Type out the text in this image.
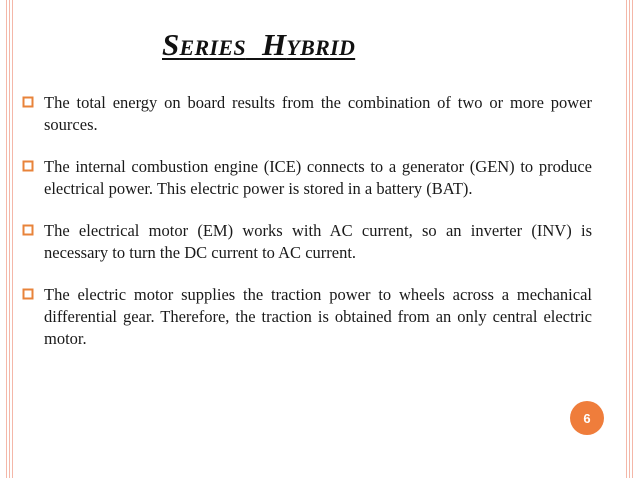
SERIES HYBRID
The total energy on board results from the combination of two or more power sources.
The internal combustion engine (ICE) connects to a generator (GEN) to produce electrical power. This electric power is stored in a battery (BAT).
The electrical motor (EM) works with AC current, so an inverter (INV) is necessary to turn the DC current to AC current.
The electric motor supplies the traction power to wheels across a mechanical differential gear. Therefore, the traction is obtained from an only central electric motor.
6
